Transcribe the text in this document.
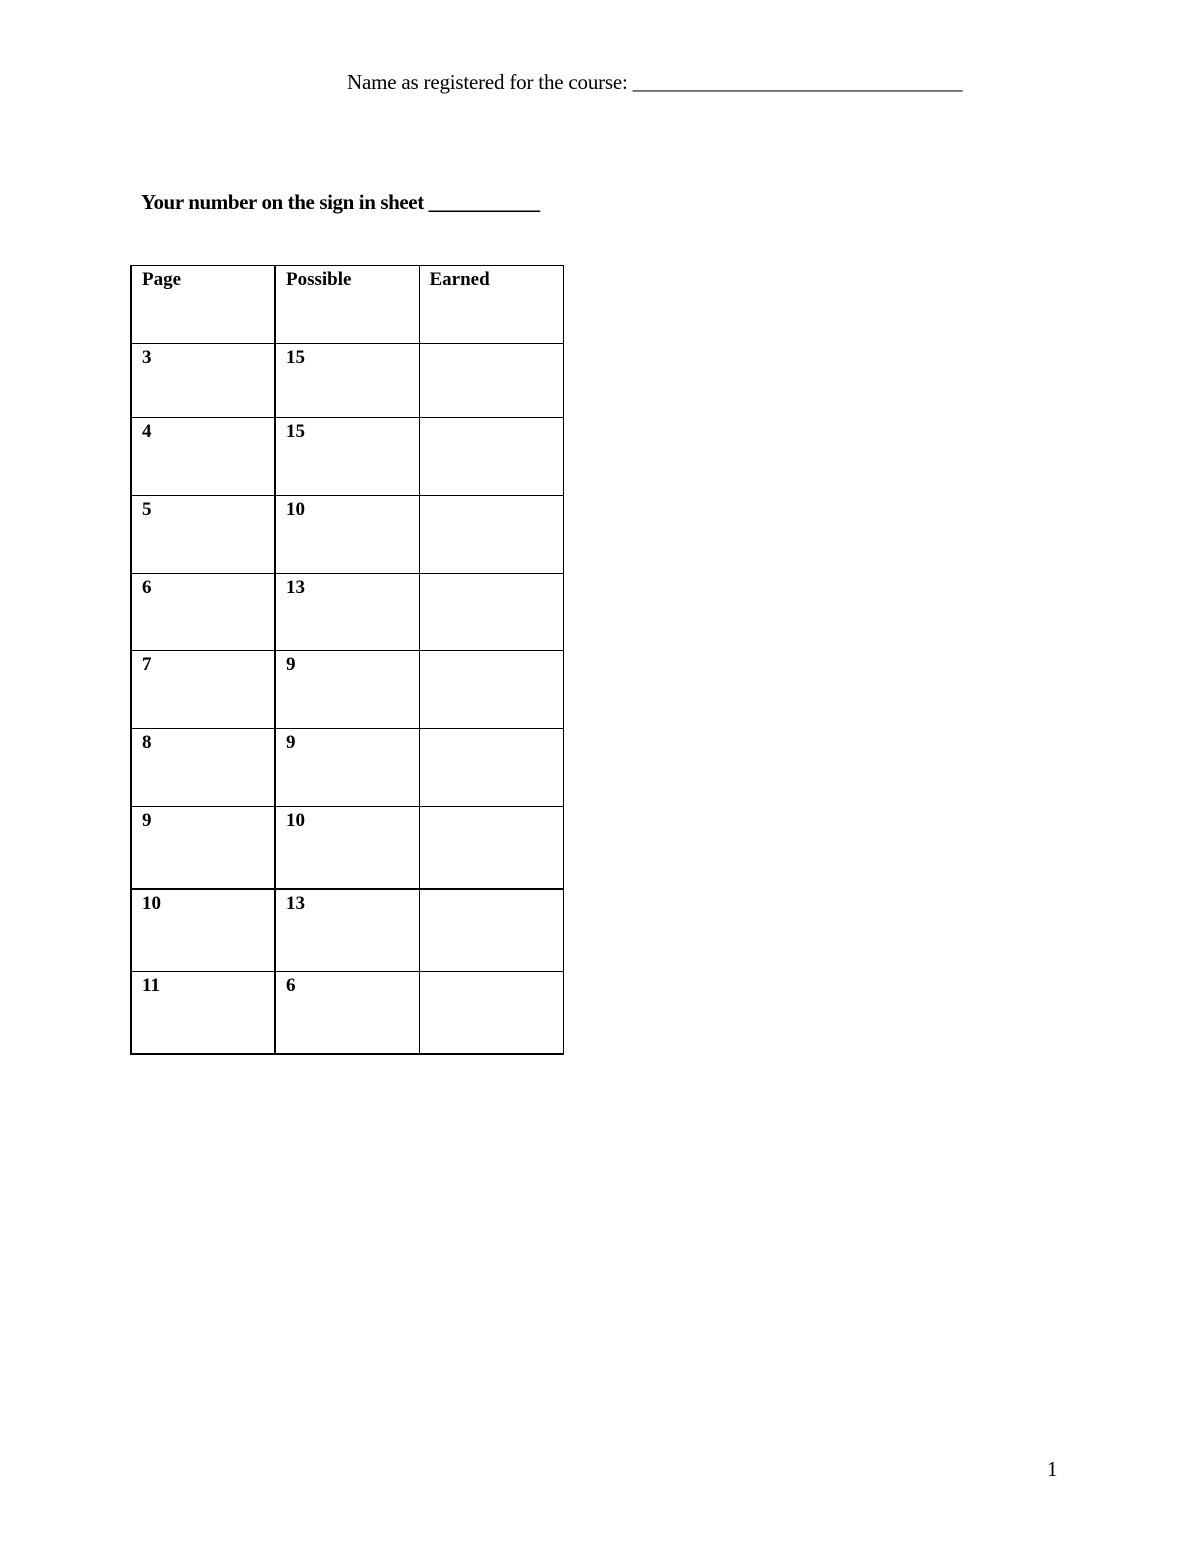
Name as registered for the course: ________________________________
Your number on the sign in sheet ___________
Page	Possible	Earned
3	15	
4	15	
5	10	
6	13	
7	9	
8	9	
9	10	
10	13	
11	6	
1
